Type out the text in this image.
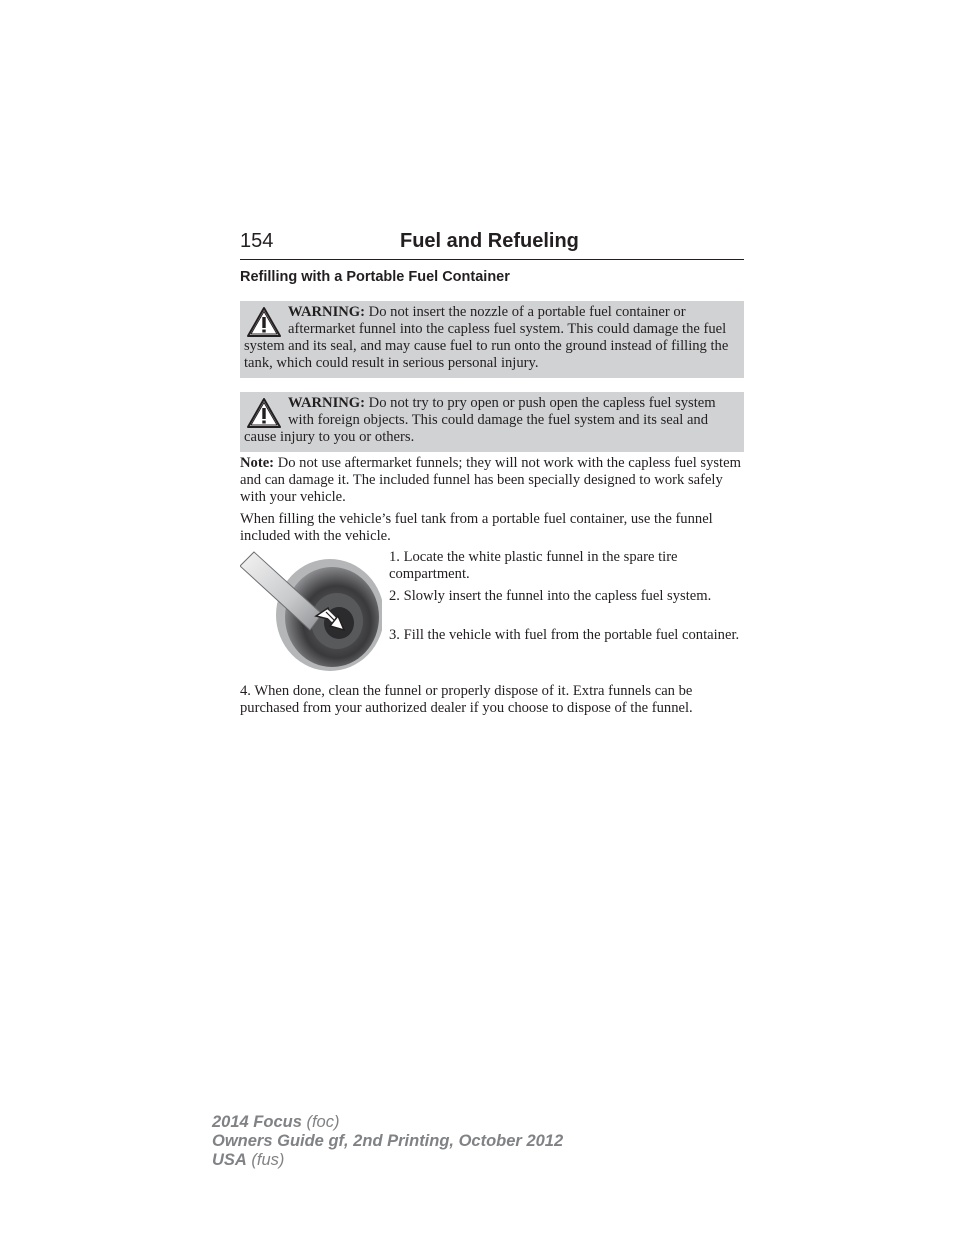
154	Fuel and Refueling
Refilling with a Portable Fuel Container
WARNING: Do not insert the nozzle of a portable fuel container or aftermarket funnel into the capless fuel system. This could damage the fuel system and its seal, and may cause fuel to run onto the ground instead of filling the tank, which could result in serious personal injury.
WARNING: Do not try to pry open or push open the capless fuel system with foreign objects. This could damage the fuel system and its seal and cause injury to you or others.
Note: Do not use aftermarket funnels; they will not work with the capless fuel system and can damage it. The included funnel has been specially designed to work safely with your vehicle.
When filling the vehicle’s fuel tank from a portable fuel container, use the funnel included with the vehicle.
1. Locate the white plastic funnel in the spare tire compartment.
2. Slowly insert the funnel into the capless fuel system.
3. Fill the vehicle with fuel from the portable fuel container.
4. When done, clean the funnel or properly dispose of it. Extra funnels can be purchased from your authorized dealer if you choose to dispose of the funnel.
2014 Focus (foc)
Owners Guide gf, 2nd Printing, October 2012
USA (fus)
